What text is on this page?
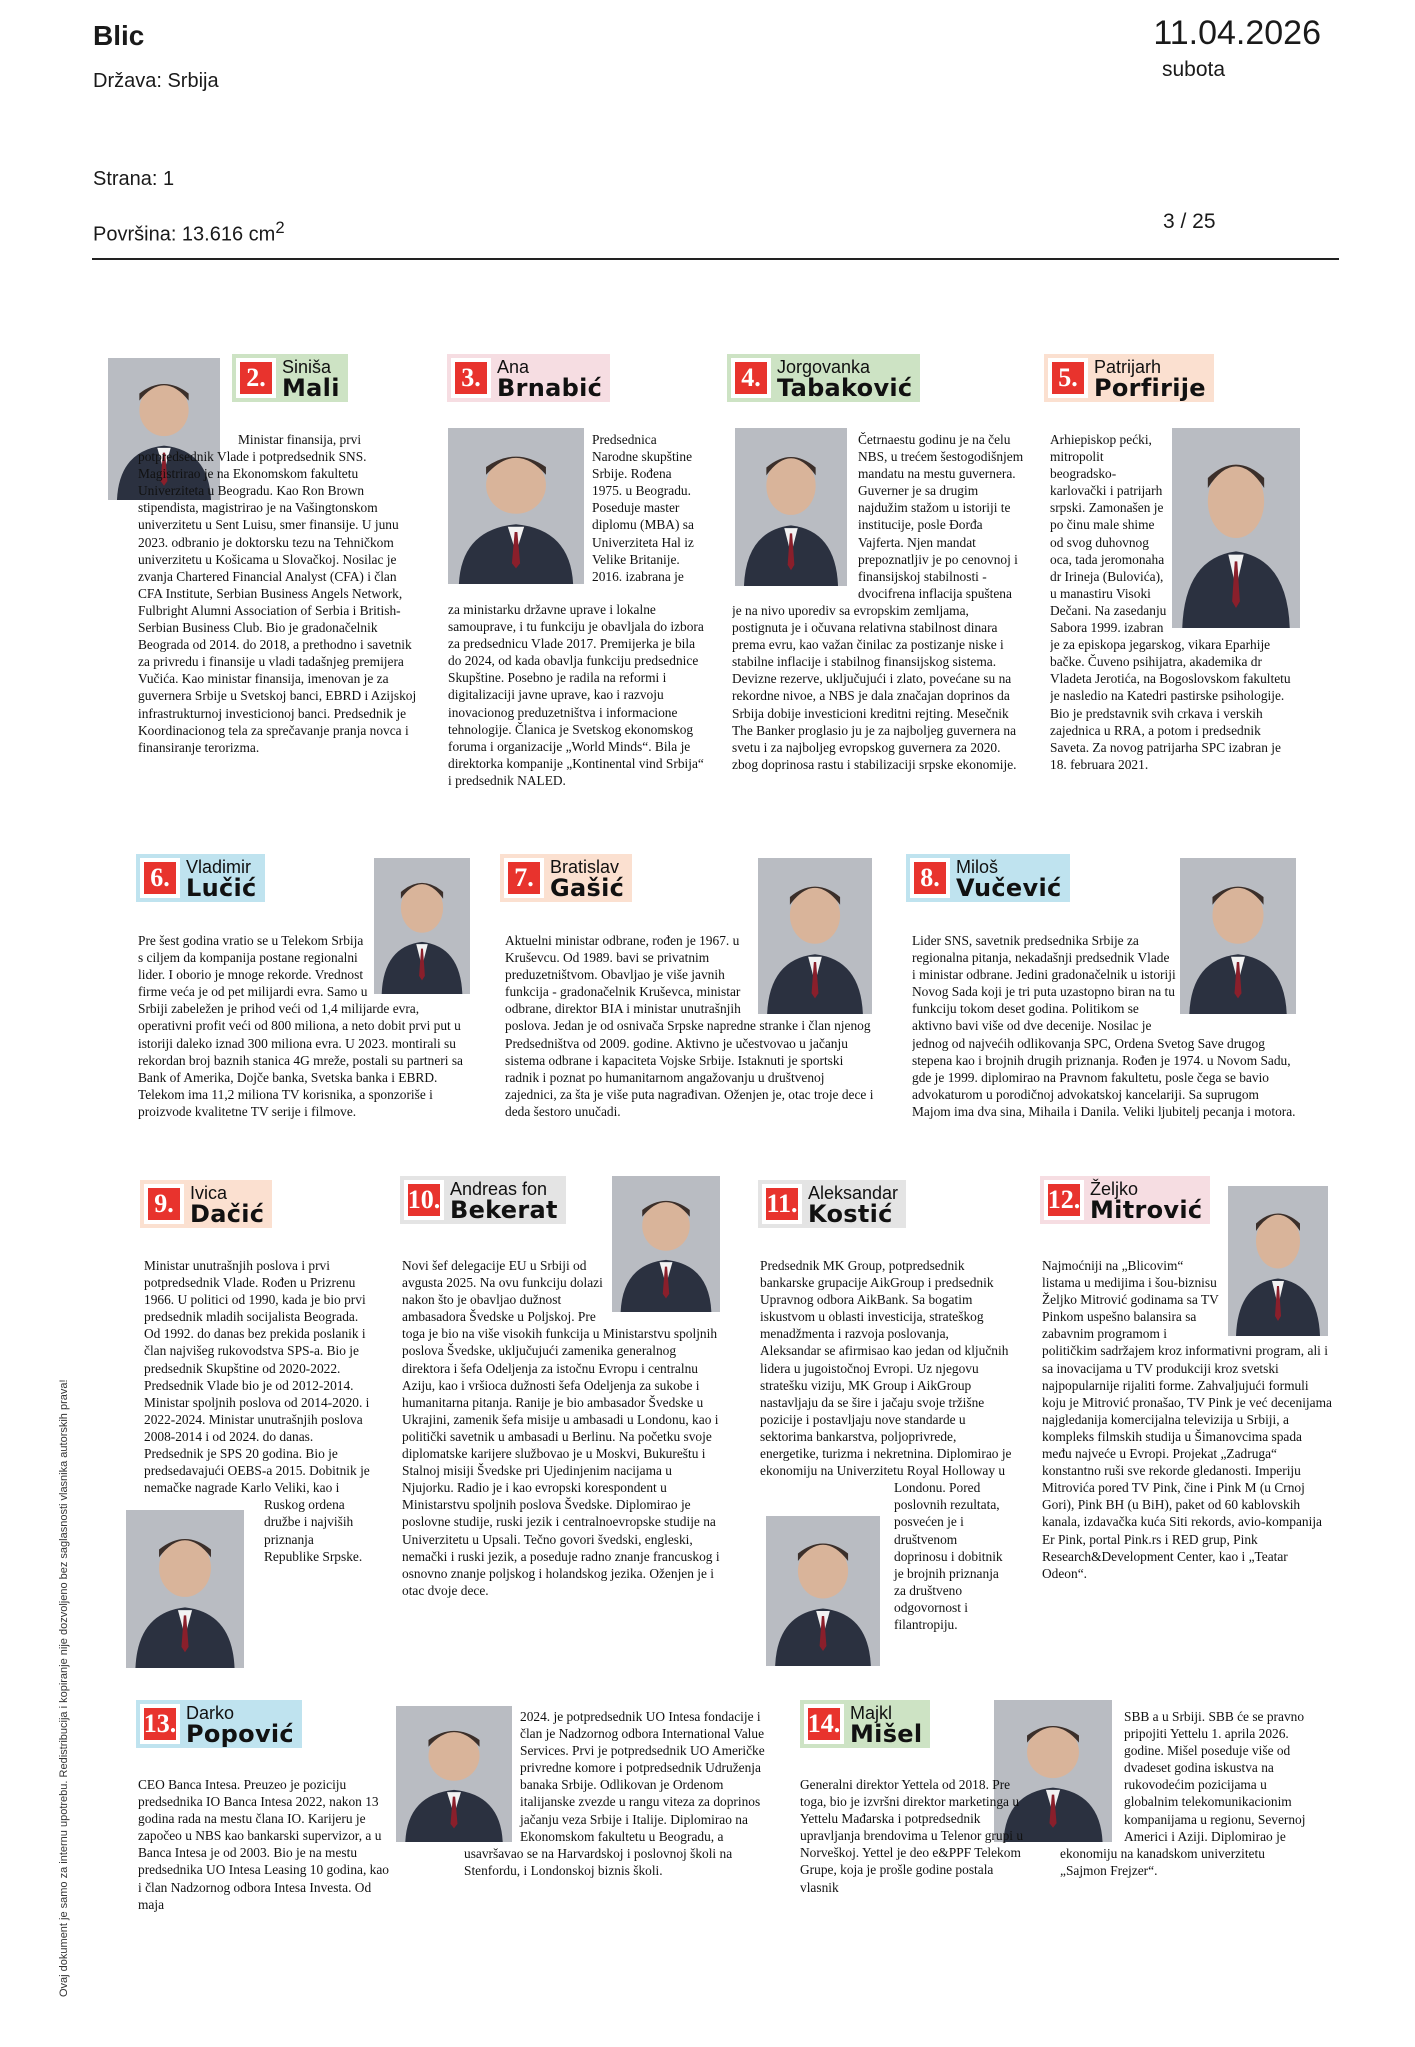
Blic
Država: Srbija
11.04.2026
subota
Strana: 1
Površina: 13.616 $cm^2$	3 / 25
Ovaj dokument je samo za internu upotrebu. Redistribucija i kopiranje nije dozvoljeno bez saglasnosti vlasnika autorskih prava!
2. Siniša
Mali
Ministar finansija, prvi potpredsednik Vlade i potpredsednik SNS. Magistrirao je na Ekonomskom fakultetu Univerziteta u Beogradu. Kao Ron Brown stipendista, magistrirao je na Vašingtonskom univerzitetu u Sent Luisu, smer finansije. U junu 2023. odbranio je doktorsku tezu na Tehničkom univerzitetu u Košicama u Slovačkoj. Nosilac je zvanja Chartered Financial Analyst (CFA) i član CFA Institute, Serbian Business Angels Network, Fulbright Alumni Association of Serbia i British-Serbian Business Club. Bio je gradonačelnik Beograda od 2014. do 2018, a prethodno i savetnik za privredu i finansije u vladi tadašnjeg premijera Vučića. Kao ministar finansija, imenovan je za guvernera Srbije u Svetskoj banci, EBRD i Azijskoj infrastrukturnoj investicionoj banci. Predsednik je Koordinacionog tela za sprečavanje pranja novca i finansiranje terorizma.
3. Ana
Brnabić
Predsednica Narodne skupštine Srbije. Rođena 1975. u Beogradu. Poseduje master diplomu (MBA) sa Univerziteta Hal iz Velike Britanije. 2016. izabrana je
za ministarku državne uprave i lokalne samouprave, i tu funkciju je obavljala do izbora za predsednicu Vlade 2017. Premijerka je bila do 2024, od kada obavlja funkciju predsednice Skupštine. Posebno je radila na reformi i digitalizaciji javne uprave, kao i razvoju inovacionog preduzetništva i informacione tehnologije. Članica je Svetskog ekonomskog foruma i organizacije „World Minds“. Bila je direktorka kompanije „Kontinental vind Srbija“ i predsednik NALED.
4. Jorgovanka
Tabaković
Četrnaestu godinu je na čelu NBS, u trećem šestogodišnjem mandatu na mestu guvernera. Guverner je sa drugim najdužim stažom u istoriji te institucije, posle Đorđa Vajferta. Njen mandat prepoznatljiv je po cenovnoj i finansijskoj stabilnosti - dvocifrena inflacija spuštena je na nivo uporediv sa evropskim zemljama, postignuta je i očuvana relativna stabilnost dinara prema evru, kao važan činilac za postizanje niske i stabilne inflacije i stabilnog finansijskog sistema. Devizne rezerve, uključujući i zlato, povećane su na rekordne nivoe, a NBS je dala značajan doprinos da Srbija dobije investicioni kreditni rejting. Mesečnik The Banker proglasio ju je za najboljeg guvernera na svetu i za najboljeg evropskog guvernera za 2020. zbog doprinosa rastu i stabilizaciji srpske ekonomije.
5. Patrijarh
Porfirije
Arhiepiskop pećki, mitropolit beogradsko-karlovački i patrijarh srpski. Zamonašen je po činu male shime od svog duhovnog oca, tada jeromonaha dr Irineja (Bulovića), u manastiru Visoki Dečani. Na zasedanju Sabora 1999. izabran je za episkopa jegarskog, vikara Eparhije bačke. Čuveno psihijatra, akademika dr Vladeta Jerotića, na Bogoslovskom fakultetu je nasledio na Katedri pastirske psihologije. Bio je predstavnik svih crkava i verskih zajednica u RRA, a potom i predsednik Saveta. Za novog patrijarha SPC izabran je 18. februara 2021.
6. Vladimir
Lučić
Pre šest godina vratio se u Telekom Srbija s ciljem da kompanija postane regionalni lider. I oborio je mnoge rekorde. Vrednost firme veća je od pet milijardi evra. Samo u Srbiji zabeležen je prihod veći od 1,4 milijarde evra, operativni profit veći od 800 miliona, a neto dobit prvi put u istoriji daleko iznad 300 miliona evra. U 2023. montirali su rekordan broj baznih stanica 4G mreže, postali su partneri sa Bank of Amerika, Dojče banka, Svetska banka i EBRD. Telekom ima 11,2 miliona TV korisnika, a sponzoriše i proizvode kvalitetne TV serije i filmove.
7. Bratislav
Gašić
Aktuelni ministar odbrane, rođen je 1967. u Kruševcu. Od 1989. bavi se privatnim preduzetništvom. Obavljao je više javnih funkcija - gradonačelnik Kruševca, ministar odbrane, direktor BIA i ministar unutrašnjih poslova. Jedan je od osnivača Srpske napredne stranke i član njenog Predsedništva od 2009. godine. Aktivno je učestvovao u jačanju sistema odbrane i kapaciteta Vojske Srbije. Istaknuti je sportski radnik i poznat po humanitarnom angažovanju u društvenoj zajednici, za šta je više puta nagrađivan. Oženjen je, otac troje dece i deda šestoro unučadi.
8. Miloš
Vučević
Lider SNS, savetnik predsednika Srbije za regionalna pitanja, nekadašnji predsednik Vlade i ministar odbrane. Jedini gradonačelnik u istoriji Novog Sada koji je tri puta uzastopno biran na tu funkciju tokom deset godina. Politikom se aktivno bavi više od dve decenije. Nosilac je jednog od najvećih odlikovanja SPC, Ordena Svetog Save drugog stepena kao i brojnih drugih priznanja. Rođen je 1974. u Novom Sadu, gde je 1999. diplomirao na Pravnom fakultetu, posle čega se bavio advokaturom u porodičnoj advokatskoj kancelariji. Sa suprugom Majom ima dva sina, Mihaila i Danila. Veliki ljubitelj pecanja i motora.
9. Ivica
Dačić
Ministar unutrašnjih poslova i prvi potpredsednik Vlade. Rođen u Prizrenu 1966. U politici od 1990, kada je bio prvi predsednik mladih socijalista Beograda. Od 1992. do danas bez prekida poslanik i član najvišeg rukovodstva SPS-a. Bio je predsednik Skupštine od 2020-2022. Predsednik Vlade bio je od 2012-2014. Ministar spoljnih poslova od 2014-2020. i 2022-2024. Ministar unutrašnjih poslova 2008-2014 i od 2024. do danas. Predsednik je SPS 20 godina. Bio je predsedavajući OEBS-a 2015. Dobitnik je nemačke nagrade Karlo Veliki, kao i Ruskog ordena družbe i najviših priznanja Republike Srpske.
10. Andreas fon
Bekerat
Novi šef delegacije EU u Srbiji od avgusta 2025. Na ovu funkciju dolazi nakon što je obavljao dužnost ambasadora Švedske u Poljskoj. Pre toga je bio na više visokih funkcija u Ministarstvu spoljnih poslova Švedske, uključujući zamenika generalnog direktora i šefa Odeljenja za istočnu Evropu i centralnu Aziju, kao i vršioca dužnosti šefa Odeljenja za sukobe i humanitarna pitanja. Ranije je bio ambasador Švedske u Ukrajini, zamenik šefa misije u ambasadi u Londonu, kao i politički savetnik u ambasadi u Berlinu. Na početku svoje diplomatske karijere službovao je u Moskvi, Bukureštu i Stalnoj misiji Švedske pri Ujedinjenim nacijama u Njujorku. Radio je i kao evropski korespondent u Ministarstvu spoljnih poslova Švedske. Diplomirao je poslovne studije, ruski jezik i centralnoevropske studije na Univerzitetu u Upsali. Tečno govori švedski, engleski, nemački i ruski jezik, a poseduje radno znanje francuskog i osnovno znanje poljskog i holandskog jezika. Oženjen je i otac dvoje dece.
11. Aleksandar
Kostić
Predsednik MK Group, potpredsednik bankarske grupacije AikGroup i predsednik Upravnog odbora AikBank. Sa bogatim iskustvom u oblasti investicija, strateškog menadžmenta i razvoja poslovanja, Aleksandar se afirmisao kao jedan od ključnih lidera u jugoistočnoj Evropi. Uz njegovu stratešku viziju, MK Group i AikGroup nastavljaju da se šire i jačaju svoje tržišne pozicije i postavljaju nove standarde u sektorima bankarstva, poljoprivrede, energetike, turizma i nekretnina. Diplomirao je ekonomiju na Univerzitetu Royal Holloway u Londonu. Pored poslovnih rezultata, posvećen je i društvenom doprinosu i dobitnik je brojnih priznanja za društveno odgovornost i filantropiju.
12. Željko
Mitrović
Najmoćniji na „Blicovim“ listama u medijima i šou-biznisu Željko Mitrović godinama sa TV Pinkom uspešno balansira sa zabavnim programom i političkim sadržajem kroz informativni program, ali i sa inovacijama u TV produkciji kroz svetski najpopularnije rijaliti forme. Zahvaljujući formuli koju je Mitrović pronašao, TV Pink je već decenijama najgledanija komercijalna televizija u Srbiji, a kompleks filmskih studija u Šimanovcima spada među najveće u Evropi. Projekat „Zadruga“ konstantno ruši sve rekorde gledanosti. Imperiju Mitrovića pored TV Pink, čine i Pink M (u Crnoj Gori), Pink BH (u BiH), paket od 60 kablovskih kanala, izdavačka kuća Siti rekords, avio-kompanija Er Pink, portal Pink.rs i RED grup, Pink Research&Development Center, kao i „Teatar Odeon“.
13. Darko
Popović
CEO Banca Intesa. Preuzeo je poziciju predsednika IO Banca Intesa 2022, nakon 13 godina rada na mestu člana IO. Karijeru je započeo u NBS kao bankarski supervizor, a u Banca Intesa je od 2003. Bio je na mestu predsednika UO Intesa Leasing 10 godina, kao i član Nadzornog odbora Intesa Investa. Od maja
2024. je potpredsednik UO Intesa fondacije i član je Nadzornog odbora International Value Services. Prvi je potpredsednik UO Američke privredne komore i potpredsednik Udruženja banaka Srbije. Odlikovan je Ordenom italijanske zvezde u rangu viteza za doprinos jačanju veza Srbije i Italije. Diplomirao na Ekonomskom fakultetu u Beogradu, a usavršavao se na Harvardskoj i poslovnoj školi na Stenfordu, i Londonskoj biznis školi.
14. Majkl
Mišel
Generalni direktor Yettela od 2018. Pre toga, bio je izvršni direktor marketinga u Yettelu Mađarska i potpredsednik upravljanja brendovima u Telenor grupi u Norveškoj. Yettel je deo e&PPF Telekom Grupe, koja je prošle godine postala vlasnik
SBB a u Srbiji. SBB će se pravno pripojiti Yettelu 1. aprila 2026. godine. Mišel poseduje više od dvadeset godina iskustva na rukovodećim pozicijama u globalnim telekomunikacionim kompanijama u regionu, Severnoj Americi i Aziji. Diplomirao je ekonomiju na kanadskom univerzitetu „Sajmon Frejzer“.
